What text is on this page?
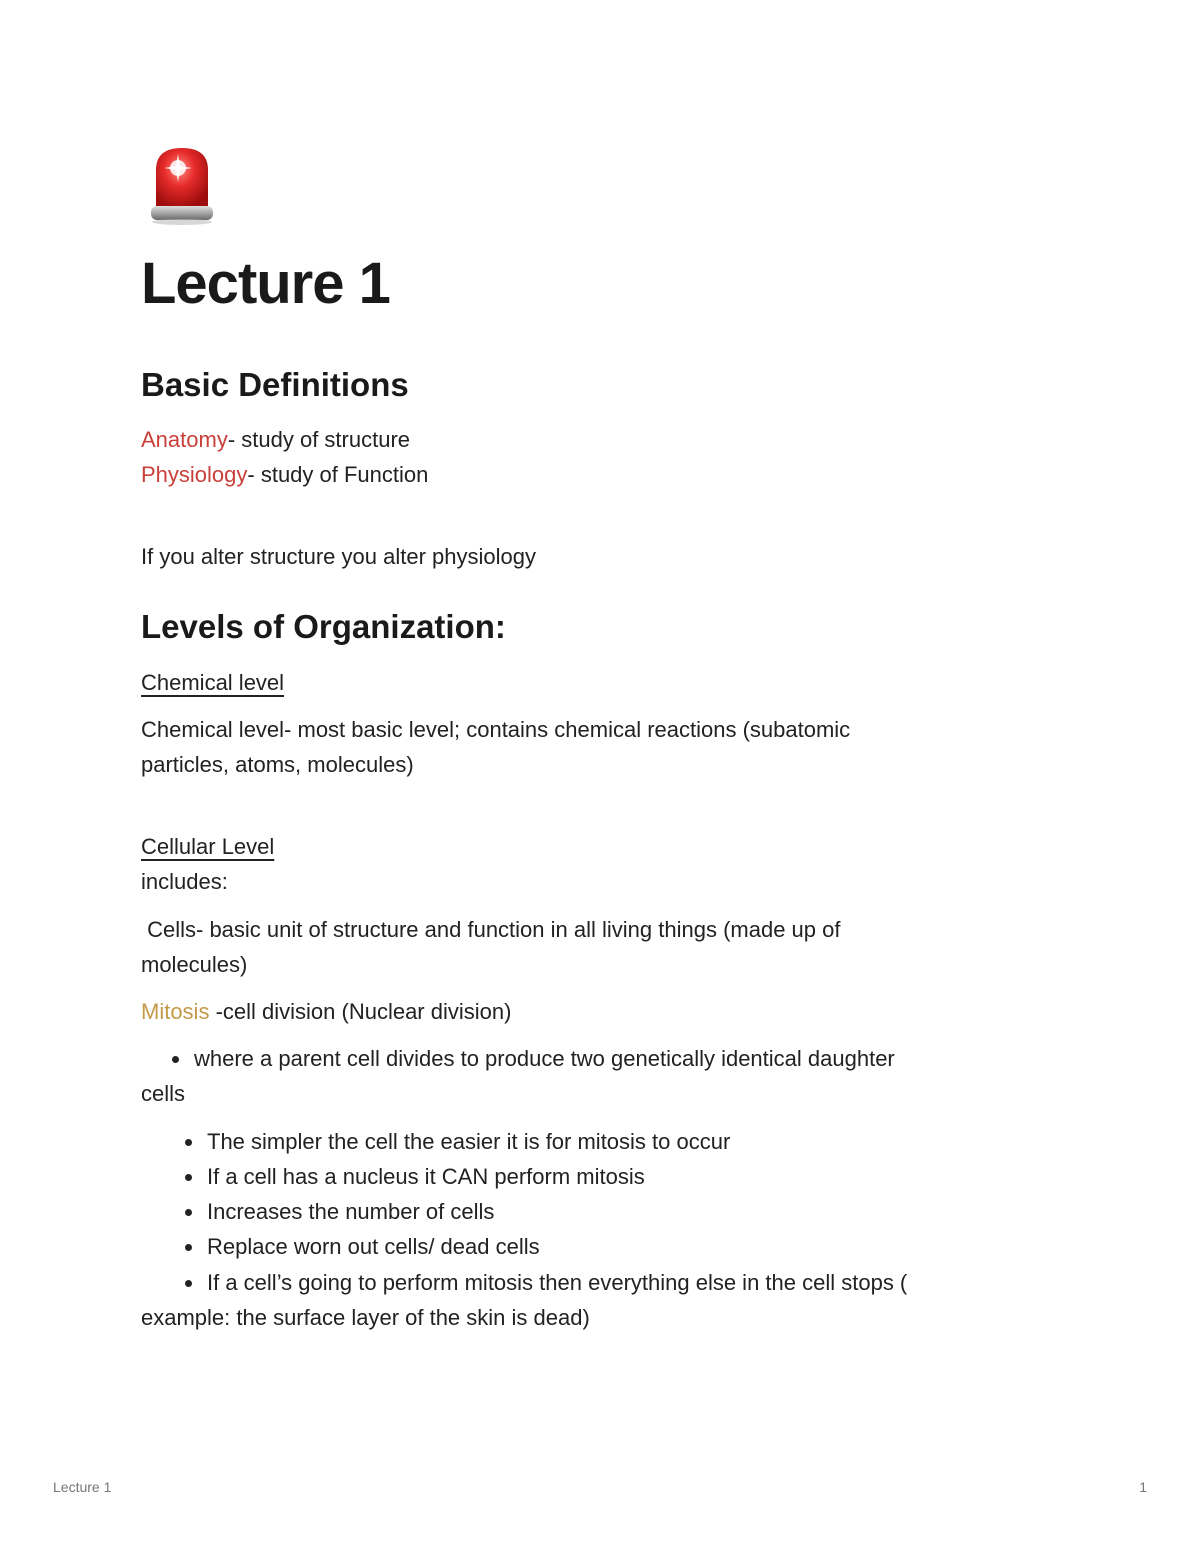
Lecture 1
Basic Definitions

Anatomy- study of structure

Physiology- study of Function

If you alter structure you alter physiology

Levels of Organization:

Chemical level

Chemical level- most basic level; contains chemical reactions (subatomic

particles, atoms, molecules)

Cellular Level

includes:

Cells- basic unit of structure and function in all living things (made up of

molecules)

Mitosis -cell division (Nuclear division)

where a parent cell divides to produce two genetically identical daughter

cells

The simpler the cell the easier it is for mitosis to occur
If a cell has a nucleus it CAN perform mitosis
Increases the number of cells
Replace worn out cells/ dead cells
If a cell’s going to perform mitosis then everything else in the cell stops (

example: the surface layer of the skin is dead)

Lecture 1	1
